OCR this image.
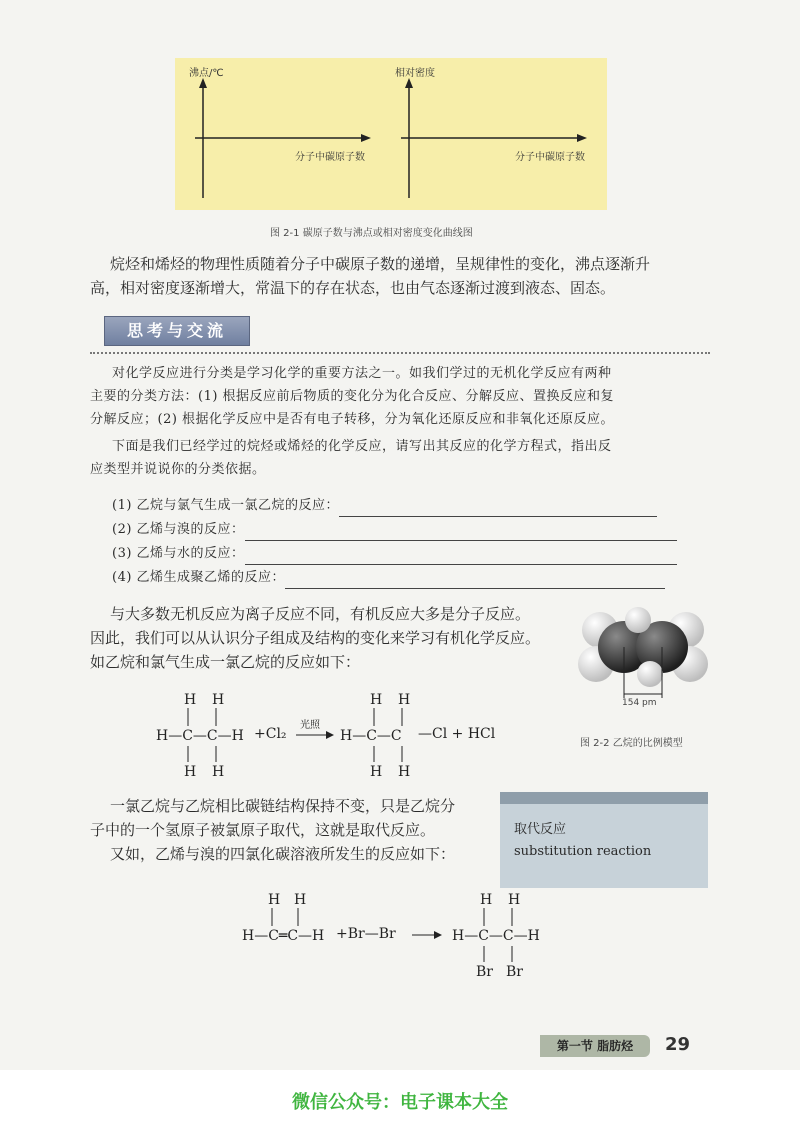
沸点/℃
分子中碳原子数
相对密度
分子中碳原子数
图 2-1 碳原子数与沸点或相对密度变化曲线图
烷烃和烯烃的物理性质随着分子中碳原子数的递增，呈规律性的变化，沸点逐渐升
高，相对密度逐渐增大，常温下的存在状态，也由气态逐渐过渡到液态、固态。
思考与交流
对化学反应进行分类是学习化学的重要方法之一。如我们学过的无机化学反应有两种
主要的分类方法：(1) 根据反应前后物质的变化分为化合反应、分解反应、置换反应和复
分解反应；(2) 根据化学反应中是否有电子转移，分为氧化还原反应和非氧化还原反应。
下面是我们已经学过的烷烃或烯烃的化学反应，请写出其反应的化学方程式，指出反
应类型并说说你的分类依据。
(1) 乙烷与氯气生成一氯乙烷的反应：
(2) 乙烯与溴的反应：
(3) 乙烯与水的反应：
(4) 乙烯生成聚乙烯的反应：
与大多数无机反应为离子反应不同，有机反应大多是分子反应。
因此，我们可以从认识分子组成及结构的变化来学习有机化学反应。
如乙烷和氯气生成一氯乙烷的反应如下：
154 pm
图 2-2 乙烷的比例模型
H H
H—C—C—H
H H
H H
H—C—C
H H
+Cl₂
光照
—Cl + HCl
一氯乙烷与乙烷相比碳链结构保持不变，只是乙烷分
子中的一个氢原子被氯原子取代，这就是取代反应。
又如，乙烯与溴的四氯化碳溶液所发生的反应如下：
取代反应
substitution reaction
H H
H—C═C—H
H H
H—C—C—H
Br Br
+Br—Br
第一节 脂肪烃	29
微信公众号：电子课本大全
